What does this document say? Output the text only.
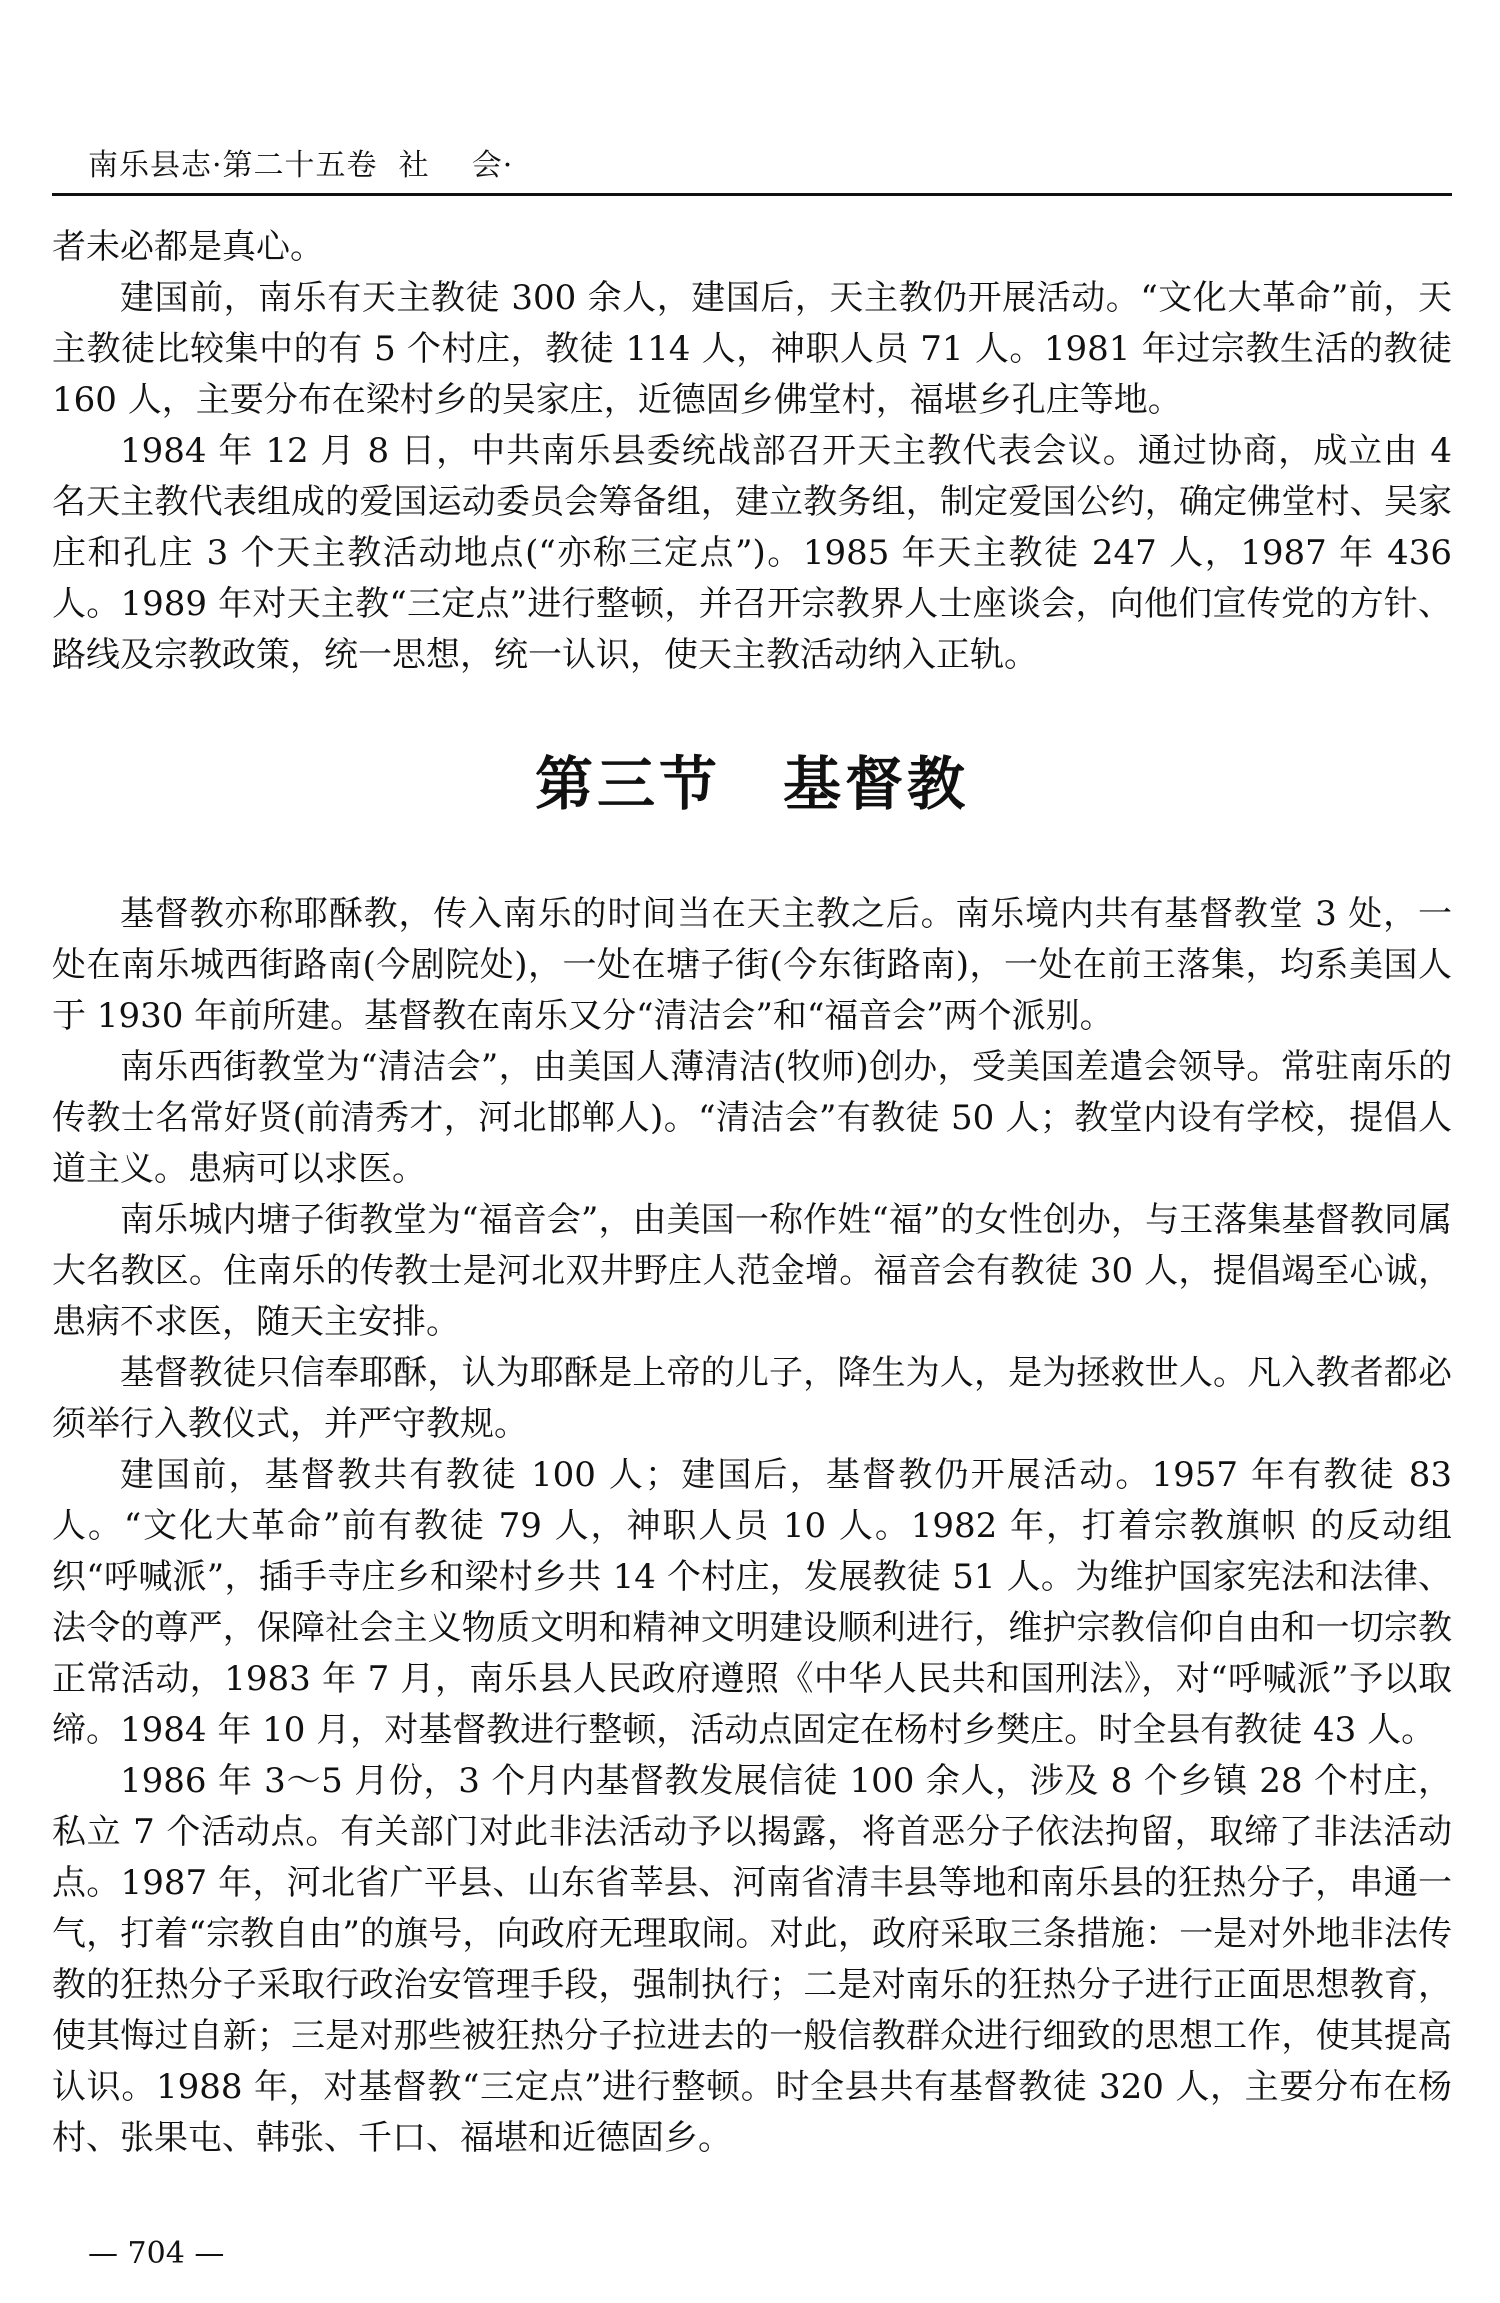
南乐县志·第二十五卷  社    会·

者未必都是真心。

建国前，南乐有天主教徒 300 余人，建国后，天主教仍开展活动。“文化大革命”前，天主教徒比较集中的有 5 个村庄，教徒 114 人，神职人员 71 人。1981 年过宗教生活的教徒 160 人，主要分布在梁村乡的吴家庄，近德固乡佛堂村，福堪乡孔庄等地。

1984 年 12 月 8 日，中共南乐县委统战部召开天主教代表会议。通过协商，成立由 4 名天主教代表组成的爱国运动委员会筹备组，建立教务组，制定爱国公约，确定佛堂村、吴家庄和孔庄 3 个天主教活动地点(“亦称三定点”)。1985 年天主教徒 247 人，1987 年 436 人。1989 年对天主教“三定点”进行整顿，并召开宗教界人士座谈会，向他们宣传党的方针、路线及宗教政策，统一思想，统一认识，使天主教活动纳入正轨。

第三节　基督教

基督教亦称耶酥教，传入南乐的时间当在天主教之后。南乐境内共有基督教堂 3 处，一处在南乐城西街路南(今剧院处)，一处在塘子街(今东街路南)，一处在前王落集，均系美国人于 1930 年前所建。基督教在南乐又分“清洁会”和“福音会”两个派别。

南乐西街教堂为“清洁会”，由美国人薄清洁(牧师)创办，受美国差遣会领导。常驻南乐的传教士名常好贤(前清秀才，河北邯郸人)。“清洁会”有教徒 50 人；教堂内设有学校，提倡人道主义。患病可以求医。

南乐城内塘子街教堂为“福音会”，由美国一称作姓“福”的女性创办，与王落集基督教同属大名教区。住南乐的传教士是河北双井野庄人范金增。福音会有教徒 30 人，提倡竭至心诚，患病不求医，随天主安排。

基督教徒只信奉耶酥，认为耶酥是上帝的儿子，降生为人，是为拯救世人。凡入教者都必须举行入教仪式，并严守教规。

建国前，基督教共有教徒 100 人；建国后，基督教仍开展活动。1957 年有教徒 83 人。“文化大革命”前有教徒 79 人，神职人员 10 人。1982 年，打着宗教旗帜 的反动组织“呼喊派”，插手寺庄乡和梁村乡共 14 个村庄，发展教徒 51 人。为维护国家宪法和法律、法令的尊严，保障社会主义物质文明和精神文明建设顺利进行，维护宗教信仰自由和一切宗教正常活动，1983 年 7 月，南乐县人民政府遵照《中华人民共和国刑法》，对“呼喊派”予以取缔。1984 年 10 月，对基督教进行整顿，活动点固定在杨村乡樊庄。时全县有教徒 43 人。

1986 年 3～5 月份，3 个月内基督教发展信徒 100 余人，涉及 8 个乡镇 28 个村庄，私立 7 个活动点。有关部门对此非法活动予以揭露，将首恶分子依法拘留，取缔了非法活动点。1987 年，河北省广平县、山东省莘县、河南省清丰县等地和南乐县的狂热分子，串通一气，打着“宗教自由”的旗号，向政府无理取闹。对此，政府采取三条措施：一是对外地非法传教的狂热分子采取行政治安管理手段，强制执行；二是对南乐的狂热分子进行正面思想教育，使其悔过自新；三是对那些被狂热分子拉进去的一般信教群众进行细致的思想工作，使其提高认识。1988 年，对基督教“三定点”进行整顿。时全县共有基督教徒 320 人，主要分布在杨村、张果屯、韩张、千口、福堪和近德固乡。

— 704 —
